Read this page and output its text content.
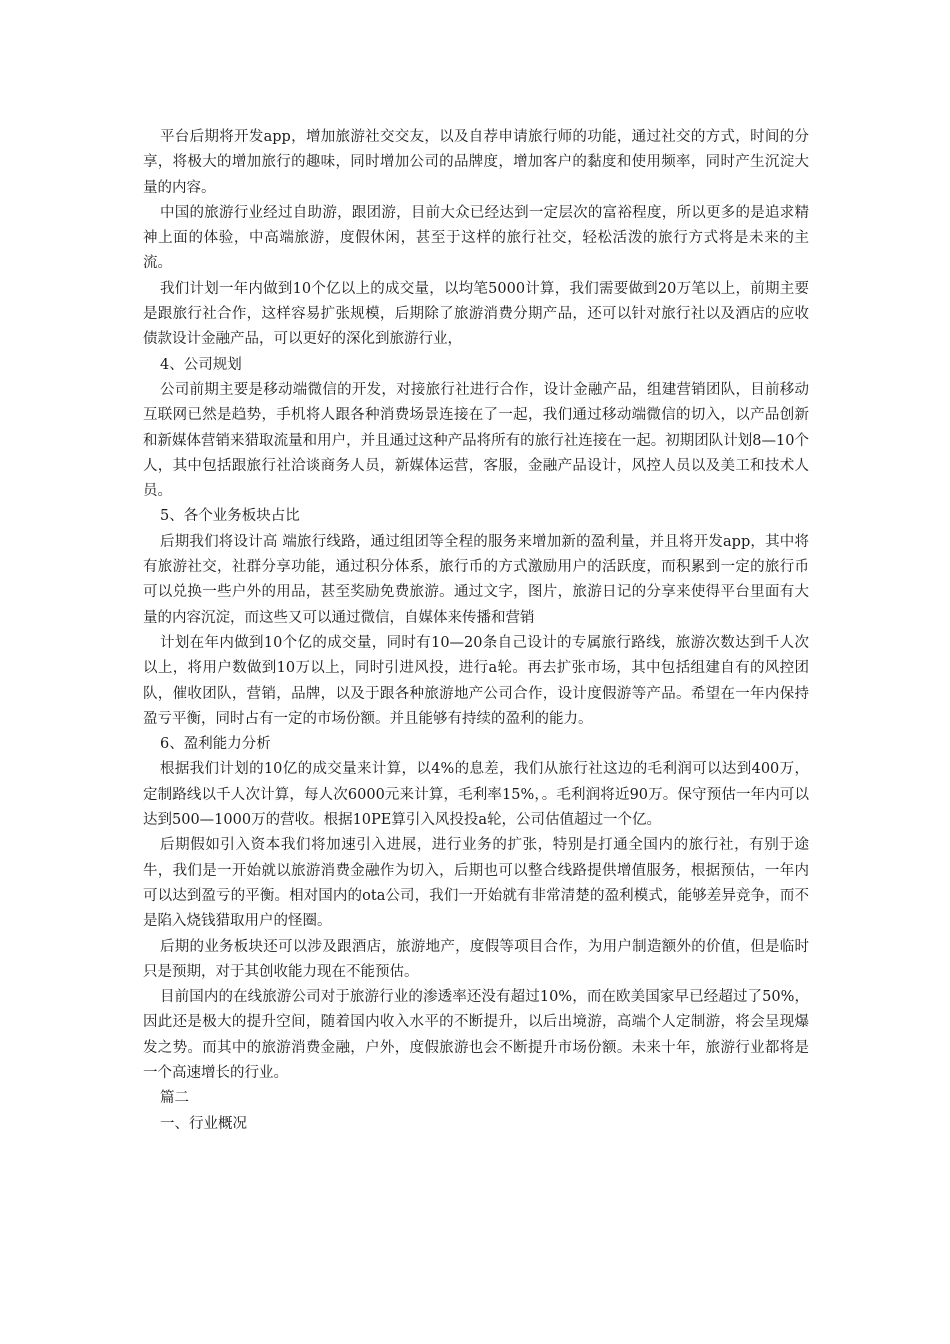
平台后期将开发app，增加旅游社交交友，以及自荐申请旅行师的功能，通过社交的方式，时间的分享，将极大的增加旅行的趣味，同时增加公司的品牌度，增加客户的黏度和使用频率，同时产生沉淀大量的内容。

中国的旅游行业经过自助游，跟团游，目前大众已经达到一定层次的富裕程度，所以更多的是追求精神上面的体验，中高端旅游，度假休闲，甚至于这样的旅行社交，轻松活泼的旅行方式将是未来的主流。

我们计划一年内做到10个亿以上的成交量，以均笔5000计算，我们需要做到20万笔以上，前期主要是跟旅行社合作，这样容易扩张规模，后期除了旅游消费分期产品，还可以针对旅行社以及酒店的应收债款设计金融产品，可以更好的深化到旅游行业，

4、公司规划

公司前期主要是移动端微信的开发，对接旅行社进行合作，设计金融产品，组建营销团队，目前移动互联网已然是趋势，手机将人跟各种消费场景连接在了一起，我们通过移动端微信的切入，以产品创新和新媒体营销来猎取流量和用户，并且通过这种产品将所有的旅行社连接在一起。初期团队计划8—10个人，其中包括跟旅行社洽谈商务人员，新媒体运营，客服，金融产品设计，风控人员以及美工和技术人员。

5、各个业务板块占比

后期我们将设计高 端旅行线路，通过组团等全程的服务来增加新的盈利量，并且将开发app，其中将有旅游社交，社群分享功能，通过积分体系，旅行币的方式激励用户的活跃度，而积累到一定的旅行币可以兑换一些户外的用品，甚至奖励免费旅游。通过文字，图片，旅游日记的分享来使得平台里面有大量的内容沉淀，而这些又可以通过微信，自媒体来传播和营销

计划在年内做到10个亿的成交量，同时有10—20条自己设计的专属旅行路线，旅游次数达到千人次以上，将用户数做到10万以上，同时引进风投，进行a轮。再去扩张市场，其中包括组建自有的风控团队，催收团队，营销，品牌，以及于跟各种旅游地产公司合作，设计度假游等产品。希望在一年内保持盈亏平衡，同时占有一定的市场份额。并且能够有持续的盈利的能力。

6、盈利能力分析

根据我们计划的10亿的成交量来计算，以4%的息差，我们从旅行社这边的毛利润可以达到400万，定制路线以千人次计算，每人次6000元来计算，毛利率15%，。毛利润将近90万。保守预估一年内可以达到500—1000万的营收。根据10PE算引入风投投a轮，公司估值超过一个亿。

后期假如引入资本我们将加速引入进展，进行业务的扩张，特别是打通全国内的旅行社，有别于途牛，我们是一开始就以旅游消费金融作为切入，后期也可以整合线路提供增值服务，根据预估，一年内可以达到盈亏的平衡。相对国内的ota公司，我们一开始就有非常清楚的盈利模式，能够差异竞争，而不是陷入烧钱猎取用户的怪圈。

后期的业务板块还可以涉及跟酒店，旅游地产，度假等项目合作，为用户制造额外的价值，但是临时只是预期，对于其创收能力现在不能预估。

目前国内的在线旅游公司对于旅游行业的渗透率还没有超过10%，而在欧美国家早已经超过了50%，因此还是极大的提升空间，随着国内收入水平的不断提升，以后出境游，高端个人定制游，将会呈现爆发之势。而其中的旅游消费金融，户外，度假旅游也会不断提升市场份额。未来十年，旅游行业都将是一个高速增长的行业。

篇二

一、行业概况
